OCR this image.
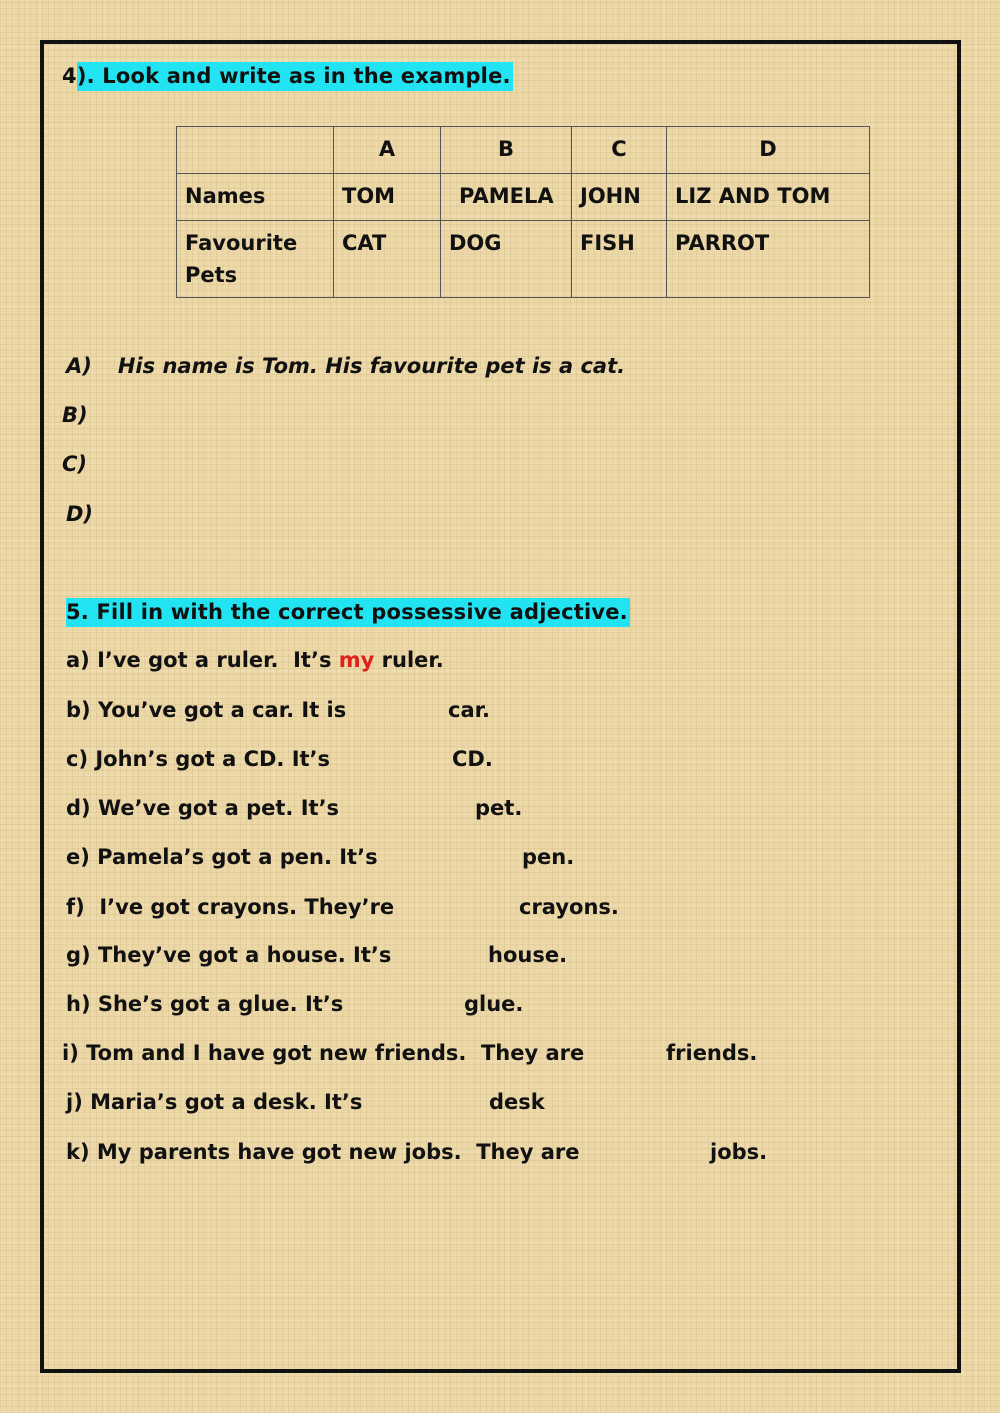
4). Look and write as in the example.
	A	B	C	D
Names	TOM	PAMELA	JOHN	LIZ AND TOM
Favourite Pets	CAT	DOG	FISH	PARROT
A) His name is Tom. His favourite pet is a cat.
B)
C)
D)
5. Fill in with the correct possessive adjective.
a) I’ve got a ruler.  It’s my ruler.
b) You’ve got a car. It is	car.
c) John’s got a CD. It’s	CD.
d) We’ve got a pet. It’s	pet.
e) Pamela’s got a pen. It’s	pen.
f)  I’ve got crayons. They’re	crayons.
g) They’ve got a house. It’s	house.
h) She’s got a glue. It’s	glue.
i) Tom and I have got new friends.  They are	friends.
j) Maria’s got a desk. It’s	desk
k) My parents have got new jobs.  They are	jobs.
